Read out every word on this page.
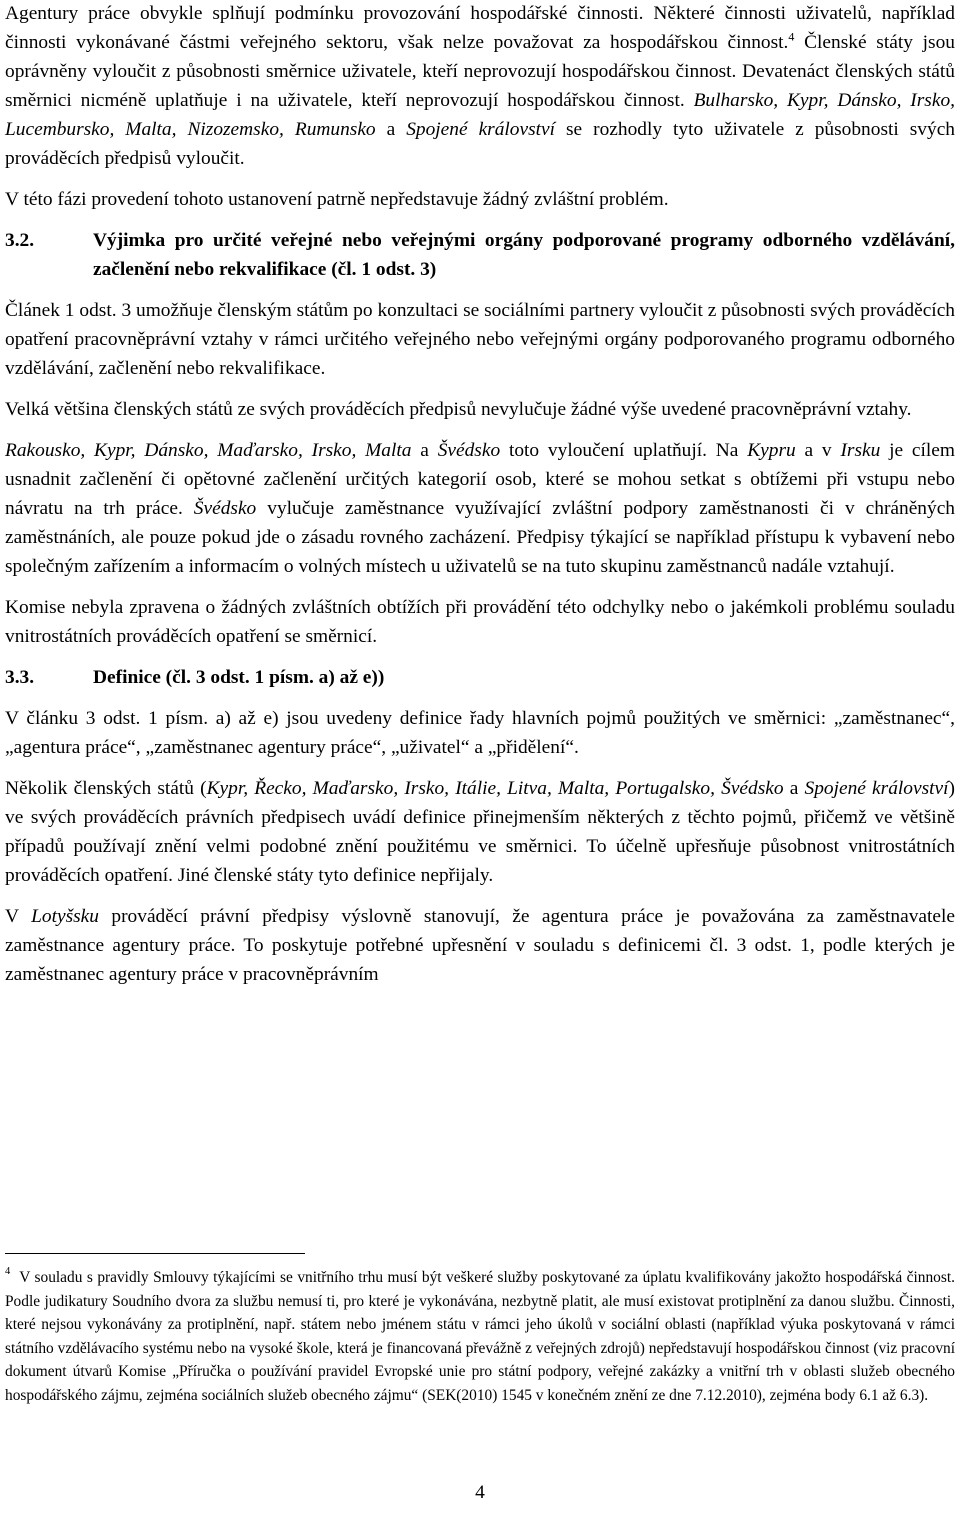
Agentury práce obvykle splňují podmínku provozování hospodářské činnosti. Některé činnosti uživatelů, například činnosti vykonávané částmi veřejného sektoru, však nelze považovat za hospodářskou činnost.$^4$ Členské státy jsou oprávněny vyloučit z působnosti směrnice uživatele, kteří neprovozují hospodářskou činnost. Devatenáct členských států směrnici nicméně uplatňuje i na uživatele, kteří neprovozují hospodářskou činnost. Bulharsko, Kypr, Dánsko, Irsko, Lucembursko, Malta, Nizozemsko, Rumunsko a Spojené království se rozhodly tyto uživatele z působnosti svých prováděcích předpisů vyloučit.

V této fázi provedení tohoto ustanovení patrně nepředstavuje žádný zvláštní problém.

3.2.	Výjimka pro určité veřejné nebo veřejnými orgány podporované programy odborného vzdělávání, začlenění nebo rekvalifikace (čl. 1 odst. 3)

Článek 1 odst. 3 umožňuje členským státům po konzultaci se sociálními partnery vyloučit z působnosti svých prováděcích opatření pracovněprávní vztahy v rámci určitého veřejného nebo veřejnými orgány podporovaného programu odborného vzdělávání, začlenění nebo rekvalifikace.

Velká většina členských států ze svých prováděcích předpisů nevylučuje žádné výše uvedené pracovněprávní vztahy.

Rakousko, Kypr, Dánsko, Maďarsko, Irsko, Malta a Švédsko toto vyloučení uplatňují. Na Kypru a v Irsku je cílem usnadnit začlenění či opětovné začlenění určitých kategorií osob, které se mohou setkat s obtížemi při vstupu nebo návratu na trh práce. Švédsko vylučuje zaměstnance využívající zvláštní podpory zaměstnanosti či v chráněných zaměstnáních, ale pouze pokud jde o zásadu rovného zacházení. Předpisy týkající se například přístupu k vybavení nebo společným zařízením a informacím o volných místech u uživatelů se na tuto skupinu zaměstnanců nadále vztahují.

Komise nebyla zpravena o žádných zvláštních obtížích při provádění této odchylky nebo o jakémkoli problému souladu vnitrostátních prováděcích opatření se směrnicí.

3.3.	Definice (čl. 3 odst. 1 písm. a) až e))

V článku 3 odst. 1 písm. a) až e) jsou uvedeny definice řady hlavních pojmů použitých ve směrnici: „zaměstnanec“, „agentura práce“, „zaměstnanec agentury práce“, „uživatel“ a „přidělení“.

Několik členských států (Kypr, Řecko, Maďarsko, Irsko, Itálie, Litva, Malta, Portugalsko, Švédsko a Spojené království) ve svých prováděcích právních předpisech uvádí definice přinejmenším některých z těchto pojmů, přičemž ve většině případů používají znění velmi podobné znění použitému ve směrnici. To účelně upřesňuje působnost vnitrostátních prováděcích opatření. Jiné členské státy tyto definice nepřijaly.

V Lotyšsku prováděcí právní předpisy výslovně stanovují, že agentura práce je považována za zaměstnavatele zaměstnance agentury práce. To poskytuje potřebné upřesnění v souladu s definicemi čl. 3 odst. 1, podle kterých je zaměstnanec agentury práce v pracovněprávním

4 V souladu s pravidly Smlouvy týkajícími se vnitřního trhu musí být veškeré služby poskytované za úplatu kvalifikovány jakožto hospodářská činnost. Podle judikatury Soudního dvora za službu nemusí ti, pro které je vykonávána, nezbytně platit, ale musí existovat protiplnění za danou službu. Činnosti, které nejsou vykonávány za protiplnění, např. státem nebo jménem státu v rámci jeho úkolů v sociální oblasti (například výuka poskytovaná v rámci státního vzdělávacího systému nebo na vysoké škole, která je financovaná převážně z veřejných zdrojů) nepředstavují hospodářskou činnost (viz pracovní dokument útvarů Komise „Příručka o používání pravidel Evropské unie pro státní podpory, veřejné zakázky a vnitřní trh v oblasti služeb obecného hospodářského zájmu, zejména sociálních služeb obecného zájmu“ (SEK(2010) 1545 v konečném znění ze dne 7.12.2010), zejména body 6.1 až 6.3).
4
